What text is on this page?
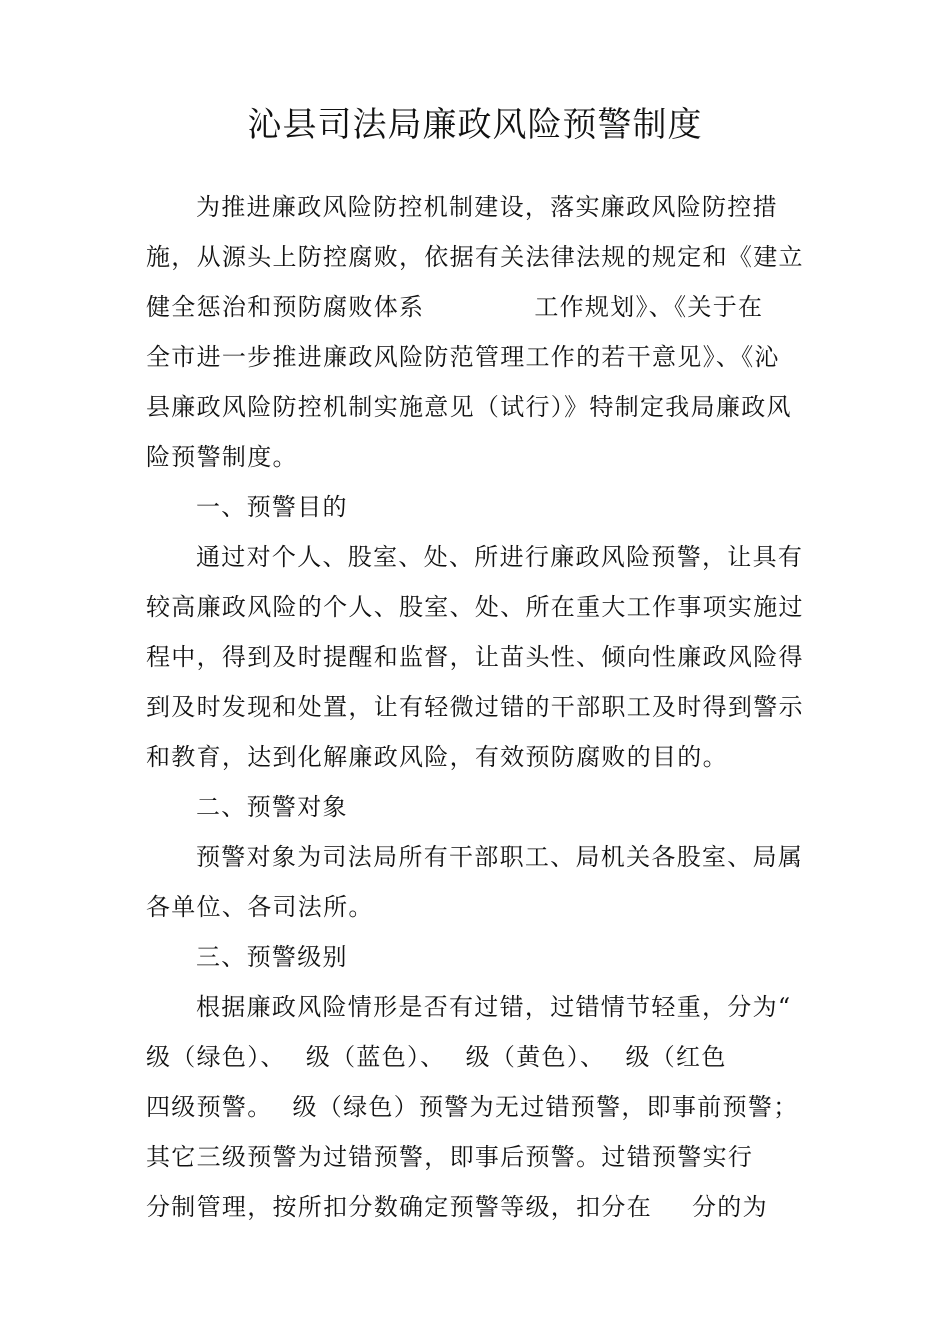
沁县司法局廉政风险预警制度
为推进廉政风险防控机制建设，落实廉政风险防控措
施，从源头上防控腐败，依据有关法律法规的规定和《建立
健全惩治和预防腐败体系	工作规划》、《关于在
全市进一步推进廉政风险防范管理工作的若干意见》、《沁
县廉政风险防控机制实施意见（试行）》特制定我局廉政风
险预警制度。
一、预警目的
通过对个人、股室、处、所进行廉政风险预警，让具有
较高廉政风险的个人、股室、处、所在重大工作事项实施过
程中，得到及时提醒和监督，让苗头性、倾向性廉政风险得
到及时发现和处置，让有轻微过错的干部职工及时得到警示
和教育，达到化解廉政风险，有效预防腐败的目的。
二、预警对象
预警对象为司法局所有干部职工、局机关各股室、局属
各单位、各司法所。
三、预警级别
根据廉政风险情形是否有过错，过错情节轻重，分为“
级（绿色）、 级（蓝色）、 级（黄色）、 级（红色
四级预警。 级（绿色）预警为无过错预警，即事前预警；
其它三级预警为过错预警，即事后预警。过错预警实行
分制管理，按所扣分数确定预警等级，扣分在 分的为
